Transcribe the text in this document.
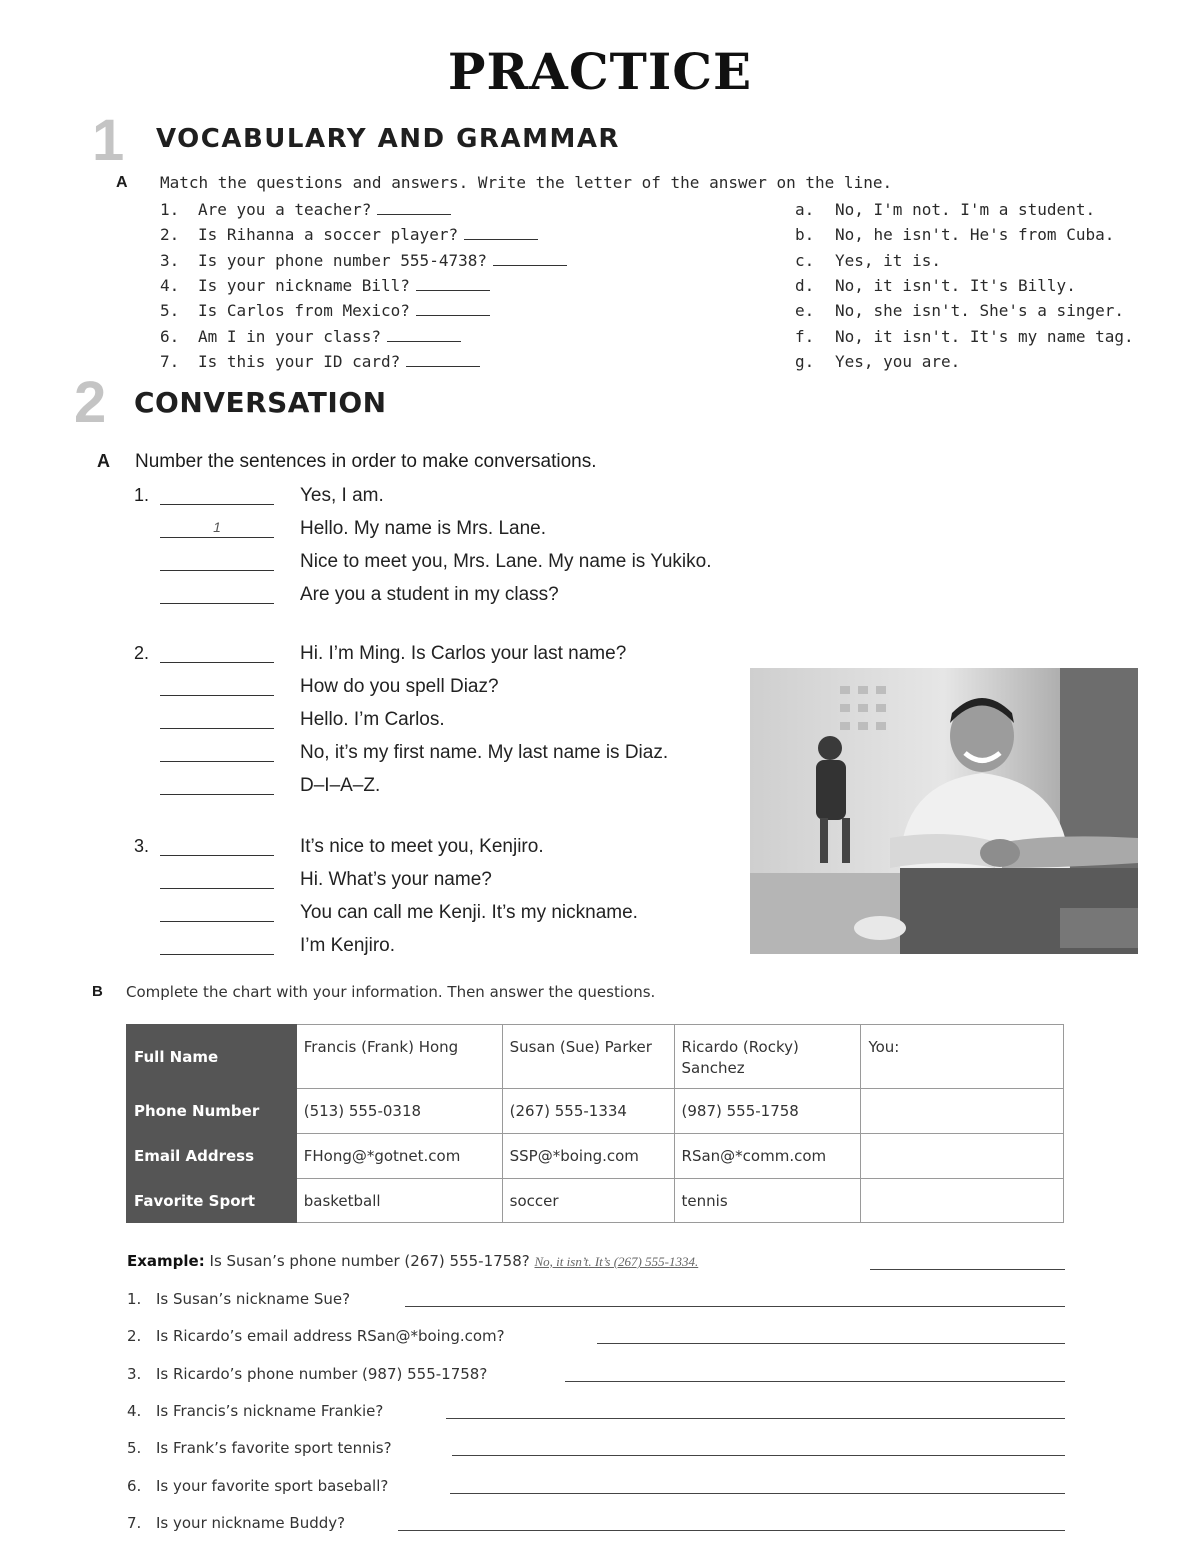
PRACTICE
1 VOCABULARY AND GRAMMAR
A Match the questions and answers. Write the letter of the answer on the line.
1. Are you a teacher?
2. Is Rihanna a soccer player?
3. Is your phone number 555-4738?
4. Is your nickname Bill?
5. Is Carlos from Mexico?
6. Am I in your class?
7. Is this your ID card?
a. No, I'm not. I'm a student.
b. No, he isn't. He's from Cuba.
c. Yes, it is.
d. No, it isn't. It's Billy.
e. No, she isn't. She's a singer.
f. No, it isn't. It's my name tag.
g. Yes, you are.
2 CONVERSATION
A Number the sentences in order to make conversations.
1.	Yes, I am.
1	Hello. My name is Mrs. Lane.
Nice to meet you, Mrs. Lane. My name is Yukiko.
Are you a student in my class?
2.	Hi. I’m Ming. Is Carlos your last name?
How do you spell Diaz?
Hello. I’m Carlos.
No, it’s my first name. My last name is Diaz.
D–I–A–Z.
3.	It’s nice to meet you, Kenjiro.
Hi. What’s your name?
You can call me Kenji. It’s my nickname.
I’m Kenjiro.
B Complete the chart with your information. Then answer the questions.
Full Name	Francis (Frank) Hong	Susan (Sue) Parker	Ricardo (Rocky) Sanchez	You:
Phone Number	(513) 555-0318	(267) 555-1334	(987) 555-1758	
Email Address	FHong@*gotnet.com	SSP@*boing.com	RSan@*comm.com	
Favorite Sport	basketball	soccer	tennis	
Example: Is Susan’s phone number (267) 555-1758? No, it isn’t. It’s (267) 555-1334.
1. Is Susan’s nickname Sue?
2. Is Ricardo’s email address RSan@*boing.com?
3. Is Ricardo’s phone number (987) 555-1758?
4. Is Francis’s nickname Frankie?
5. Is Frank’s favorite sport tennis?
6. Is your favorite sport baseball?
7. Is your nickname Buddy?
